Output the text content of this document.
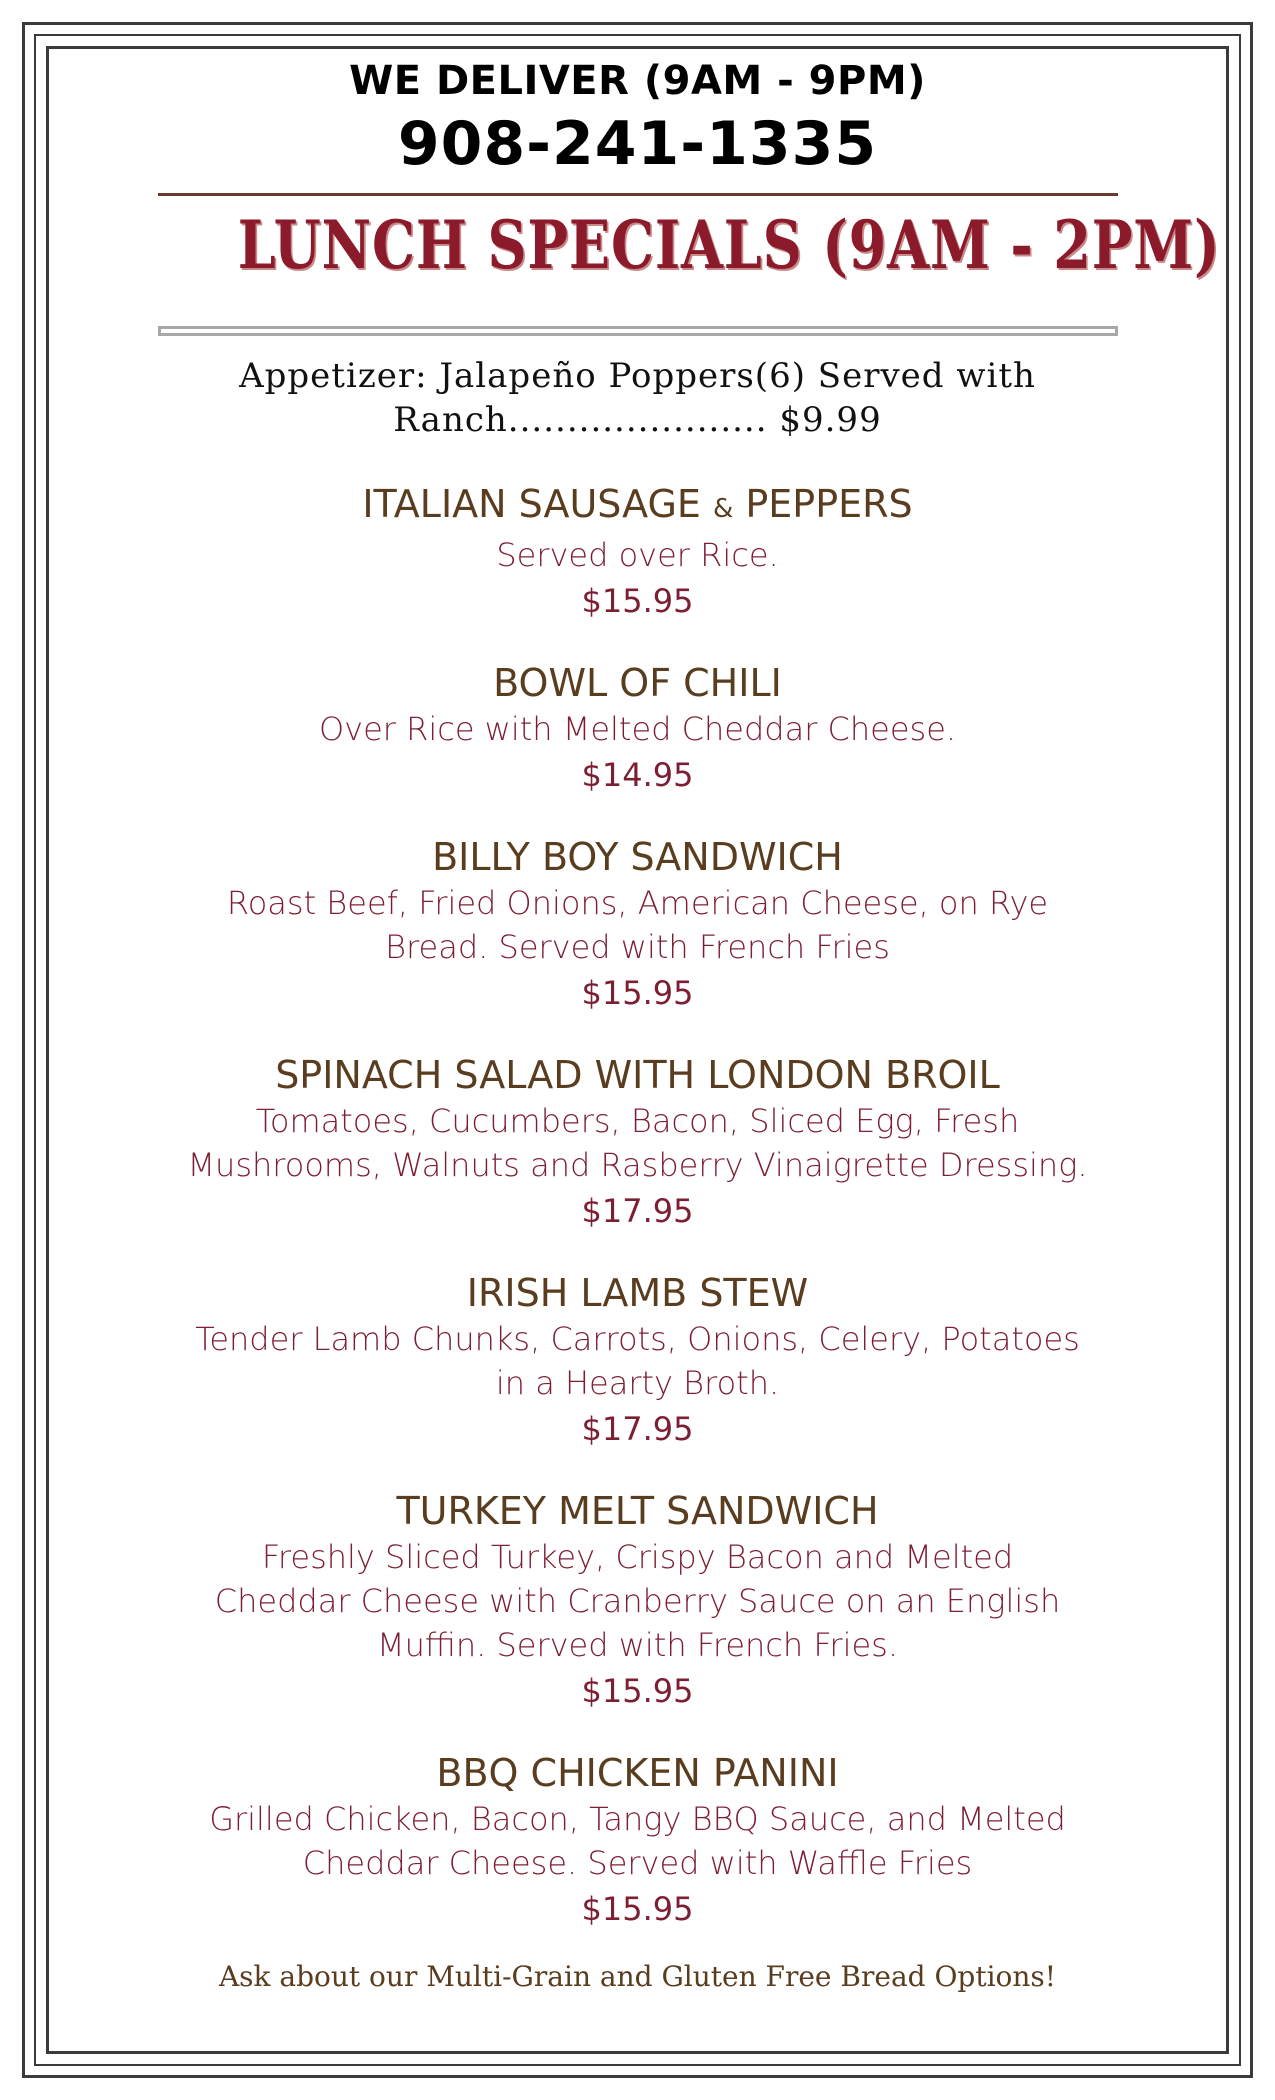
WE DELIVER (9AM - 9PM)

908-241-1335

LUNCH SPECIALS (9AM - 2PM)

Appetizer: Jalapeño Poppers(6) Served with

Ranch...................... $9.99

ITALIAN SAUSAGE & PEPPERS

Served over Rice.

$15.95

BOWL OF CHILI

Over Rice with Melted Cheddar Cheese.

$14.95

BILLY BOY SANDWICH

Roast Beef, Fried Onions, American Cheese, on Rye

Bread. Served with French Fries

$15.95

SPINACH SALAD WITH LONDON BROIL

Tomatoes, Cucumbers, Bacon, Sliced Egg, Fresh

Mushrooms, Walnuts and Rasberry Vinaigrette Dressing.

$17.95

IRISH LAMB STEW

Tender Lamb Chunks, Carrots, Onions, Celery, Potatoes

in a Hearty Broth.

$17.95

TURKEY MELT SANDWICH

Freshly Sliced Turkey, Crispy Bacon and Melted

Cheddar Cheese with Cranberry Sauce on an English

Muffin. Served with French Fries.

$15.95

BBQ CHICKEN PANINI

Grilled Chicken, Bacon, Tangy BBQ Sauce, and Melted

Cheddar Cheese. Served with Waffle Fries

$15.95

Ask about our Multi-Grain and Gluten Free Bread Options!
